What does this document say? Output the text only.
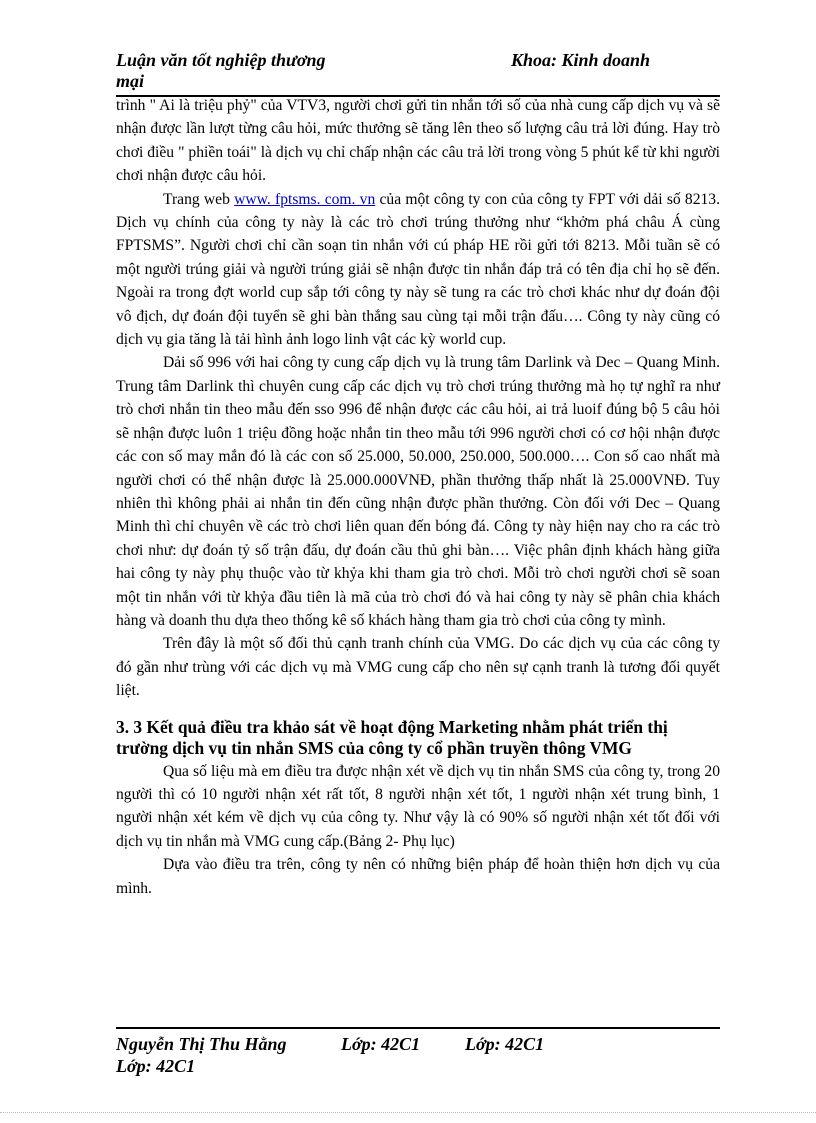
Luận văn tốt nghiệp thương mại
Khoa: Kinh doanh

trình " Ai là triệu phỷ" của VTV3, người chơi gửi tin nhắn tới số của nhà cung cấp dịch vụ và sẽ nhận được lần lượt từng câu hỏi, mức thưởng sẽ tăng lên theo số lượng câu trả lời đúng. Hay trò chơi điều " phiền toái" là dịch vụ chỉ chấp nhận các câu trả lời trong vòng 5 phút kể từ khi người chơi nhận được câu hỏi.

Trang web www. fptsms. com. vn của một công ty con của công ty FPT với dải số 8213. Dịch vụ chính của công ty này là các trò chơi trúng thưởng như “khởm phá châu Á cùng FPTSMS”. Người chơi chỉ cần soạn tin nhắn với cú pháp HE rồi gửi tới 8213. Mỗi tuần sẽ có một người trúng giải và người trúng giải sẽ nhận được tin nhắn đáp trả có tên địa chỉ họ sẽ đến. Ngoài ra trong đợt world cup sắp tới công ty này sẽ tung ra các trò chơi khác như dự đoán đội vô địch, dự đoán đội tuyển sẽ ghi bàn thắng sau cùng tại mỗi trận đấu…. Công ty này cũng có dịch vụ gia tăng là tải hình ảnh logo linh vật các kỳ world cup.

Dải số 996 với hai công ty cung cấp dịch vụ là trung tâm Darlink và Dec – Quang Minh. Trung tâm Darlink thì chuyên cung cấp các dịch vụ trò chơi trúng thưởng mà họ tự nghĩ ra như trò chơi nhắn tin theo mẫu đến sso 996 để nhận được các câu hỏi, ai trả luoif đúng bộ 5 câu hỏi sẽ nhận được luôn 1 triệu đồng hoặc nhắn tin theo mẫu tới 996 người chơi có cơ hội nhận được các con số may mắn đó là các con số 25.000, 50.000, 250.000, 500.000…. Con số cao nhất mà người chơi có thể nhận được là 25.000.000VNĐ, phần thưởng thấp nhất là 25.000VNĐ. Tuy nhiên thì không phải ai nhắn tin đến cũng nhận được phần thưởng. Còn đối với Dec – Quang Minh thì chỉ chuyên về các trò chơi liên quan đến bóng đá. Công ty này hiện nay cho ra các trò chơi như: dự đoán tỷ số trận đấu, dự đoán cầu thủ ghi bàn…. Việc phân định khách hàng giữa hai công ty này phụ thuộc vào từ khỷa khi tham gia trò chơi. Mỗi trò chơi người chơi sẽ soan một tin nhắn với từ khỷa đầu tiên là mã của trò chơi đó và hai công ty này sẽ phân chia khách hàng và doanh thu dựa theo thống kê số khách hàng tham gia trò chơi của công ty mình.

Trên đây là một số đối thủ cạnh tranh chính của VMG. Do các dịch vụ của các công ty đó gần như trùng với các dịch vụ mà VMG cung cấp cho nên sự cạnh tranh là tương đối quyết liệt.

3. 3 Kết quả điều tra khảo sát về hoạt động Marketing nhằm phát triển thị trường dịch vụ tin nhắn SMS của công ty cổ phần truyền thông VMG

Qua số liệu mà em điều tra được nhận xét về dịch vụ tin nhắn SMS của công ty, trong 20 người thì có 10 người nhận xét rất tốt, 8 người nhận xét tốt, 1 người nhận xét trung bình, 1 người nhận xét kém về dịch vụ của công ty. Như vậy là có 90% số người nhận xét tốt đối với dịch vụ tin nhắn mà VMG cung cấp.(Bảng 2- Phụ lục)

Dựa vào điều tra trên, công ty nên có những biện pháp để hoàn thiện hơn dịch vụ của mình.

Nguyễn Thị Thu Hằng	Lớp: 42C1 Lớp: 42C1
Lớp: 42C1
